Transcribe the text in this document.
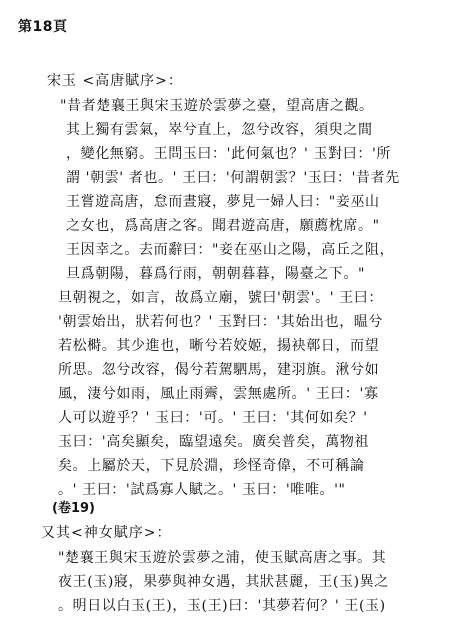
第18頁
宋玉 <高唐賦序>：
"昔者楚襄王與宋玉遊於雲夢之臺，望高唐之觀。
其上獨有雲氣，崒兮直上，忽兮改容，須臾之間
，變化無窮。王問玉曰：'此何氣也？' 玉對曰：'所
謂 '朝雲' 者也。' 王曰：'何謂朝雲？'玉曰：'昔者先
王嘗遊高唐，怠而晝寢，夢見一婦人曰："妾巫山
之女也，爲高唐之客。聞君遊高唐，願薦枕席。"
王因幸之。去而辭曰："妾在巫山之陽，高丘之阻，
旦爲朝陽，暮爲行雨，朝朝暮暮，陽臺之下。"
旦朝視之，如言，故爲立廟，號曰'朝雲'。' 王曰：
'朝雲始出，狀若何也？' 玉對曰：'其始出也，㬈兮
若松榯。其少進也，晰兮若姣姬，揚袂鄣日，而望
所思。忽兮改容，偈兮若駕駟馬，建羽旗。湫兮如
風，淒兮如雨，風止雨霽，雲無處所。' 王曰：'寡
人可以遊乎？' 玉曰：'可。' 王曰：'其何如矣？'
玉曰：'高矣顯矣，臨望遠矣。廣矣普矣，萬物祖
矣。上屬於天，下見於淵，珍怪奇偉，不可稱論
。' 王曰：'試爲寡人賦之。' 玉曰：'唯唯。'"
(卷19)
又其<神女賦序>：
"楚襄王與宋玉遊於雲夢之浦，使玉賦高唐之事。其
夜王(玉)寢，果夢與神女遇，其狀甚麗，王(玉)異之
。明日以白玉(王)，玉(王)曰：'其夢若何？' 王(玉)
